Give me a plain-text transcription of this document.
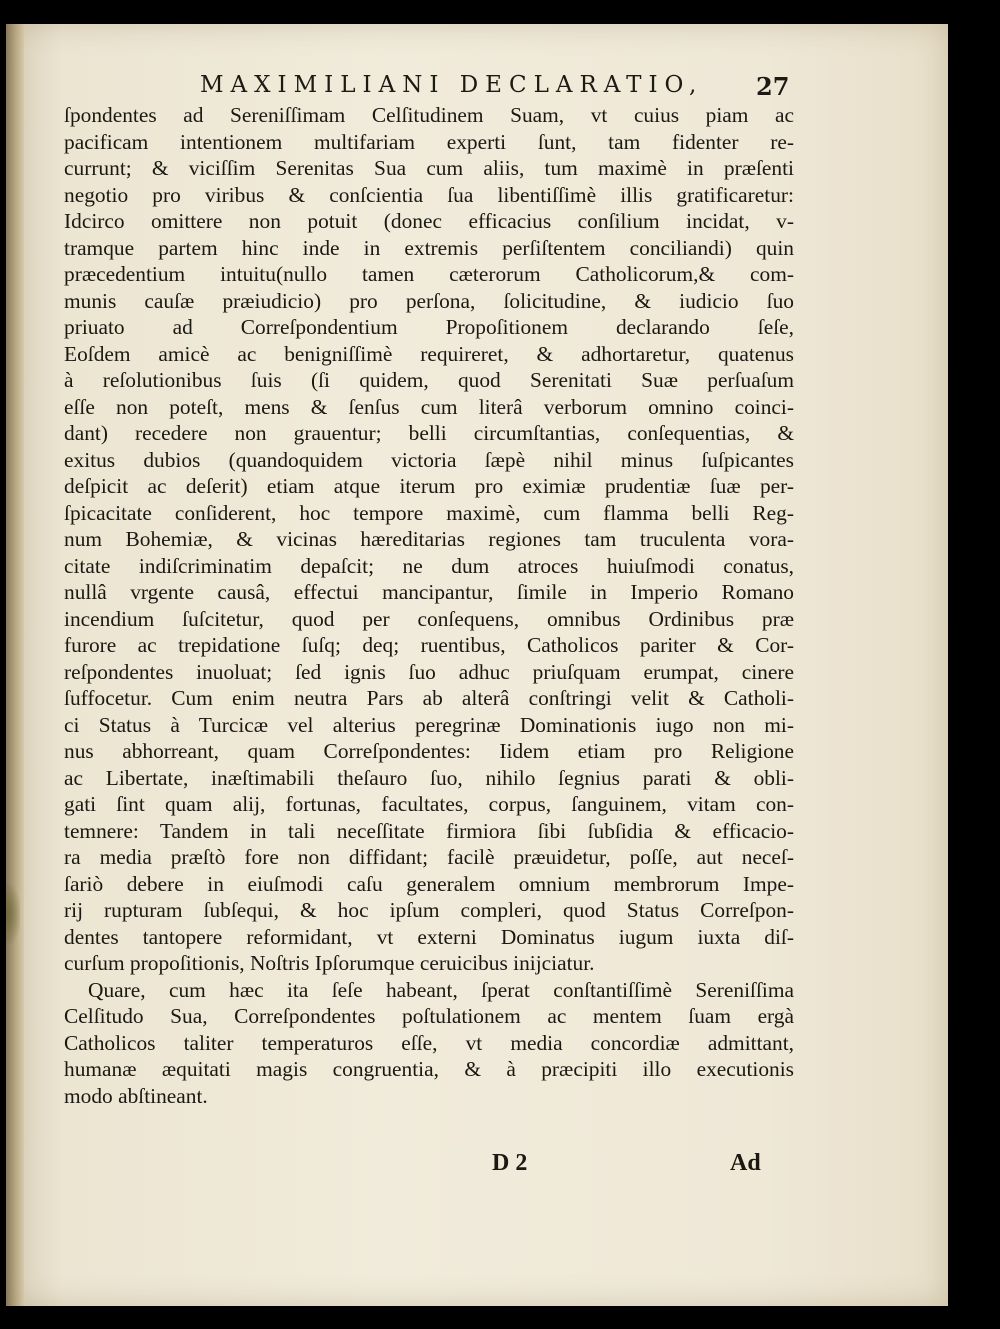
MAXIMILIANI DECLARATIO, 27
ſpondentes ad Sereniſſimam Celſitudinem Suam, vt cuius piam ac
pacificam intentionem multifariam experti ſunt, tam fidenter re-
currunt; & viciſſim Serenitas Sua cum aliis, tum maximè in præſenti
negotio pro viribus & conſcientia ſua libentiſſimè illis gratificaretur:
Idcirco omittere non potuit (donec efficacius conſilium incidat, v-
tramque partem hinc inde in extremis perſiſtentem conciliandi) quin
præcedentium intuitu(nullo tamen cæterorum Catholicorum,& com-
munis cauſæ præiudicio) pro perſona, ſolicitudine, & iudicio ſuo
priuato ad Correſpondentium Propoſitionem declarando ſeſe,
Eoſdem amicè ac benigniſſimè requireret, & adhortaretur, quatenus
à reſolutionibus ſuis (ſi quidem, quod Serenitati Suæ perſuaſum
eſſe non poteſt, mens & ſenſus cum literâ verborum omnino coinci-
dant) recedere non grauentur; belli circumſtantias, conſequentias, &
exitus dubios (quandoquidem victoria ſæpè nihil minus ſuſpicantes
deſpicit ac deſerit) etiam atque iterum pro eximiæ prudentiæ ſuæ per-
ſpicacitate conſiderent, hoc tempore maximè, cum flamma belli Reg-
num Bohemiæ, & vicinas hæreditarias regiones tam truculenta vora-
citate indiſcriminatim depaſcit; ne dum atroces huiuſmodi conatus,
nullâ vrgente causâ, effectui mancipantur, ſimile in Imperio Romano
incendium ſuſcitetur, quod per conſequens, omnibus Ordinibus præ
furore ac trepidatione ſuſq; deq; ruentibus, Catholicos pariter & Cor-
reſpondentes inuoluat; ſed ignis ſuo adhuc priuſquam erumpat, cinere
ſuffocetur. Cum enim neutra Pars ab alterâ conſtringi velit & Catholi-
ci Status à Turcicæ vel alterius peregrinæ Dominationis iugo non mi-
nus abhorreant, quam Correſpondentes: Iidem etiam pro Religione
ac Libertate, inæſtimabili theſauro ſuo, nihilo ſegnius parati & obli-
gati ſint quam alij, fortunas, facultates, corpus, ſanguinem, vitam con-
temnere: Tandem in tali neceſſitate firmiora ſibi ſubſidia & efficacio-
ra media præſtò fore non diffidant; facilè præuidetur, poſſe, aut neceſ-
ſariò debere in eiuſmodi caſu generalem omnium membrorum Impe-
rij rupturam ſubſequi, & hoc ipſum compleri, quod Status Correſpon-
dentes tantopere reformidant, vt externi Dominatus iugum iuxta diſ-
curſum propoſitionis, Noſtris Ipſorumque ceruicibus inijciatur.
Quare, cum hæc ita ſeſe habeant, ſperat conſtantiſſimè Sereniſſima
Celſitudo Sua, Correſpondentes poſtulationem ac mentem ſuam ergà
Catholicos taliter temperaturos eſſe, vt media concordiæ admittant,
humanæ æquitati magis congruentia, & à præcipiti illo executionis
modo abſtineant.
D 2	Ad
